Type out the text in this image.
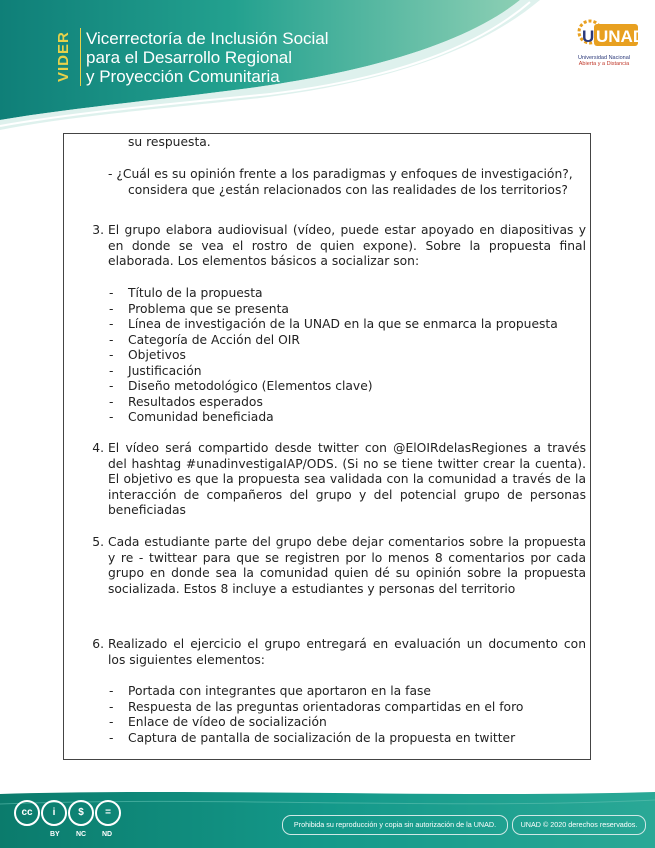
VIDER Vicerrectoría de Inclusión Social
para el Desarrollo Regional
y Proyección Comunitaria
U UNAD
Universidad Nacional
Abierta y a Distancia
su respuesta.
- ¿Cuál es su opinión frente a los paradigmas y enfoques de investigación?,
considera que ¿están relacionados con las realidades de los territorios?
3. El grupo elabora audiovisual (vídeo, puede estar apoyado en diapositivas y en donde se vea el rostro de quien expone). Sobre la propuesta final elaborada. Los elementos básicos a socializar son:
-	Título de la propuesta
-	Problema que se presenta
-	Línea de investigación de la UNAD en la que se enmarca la propuesta
-	Categoría de Acción del OIR
-	Objetivos
-	Justificación
-	Diseño metodológico (Elementos clave)
-	Resultados esperados
-	Comunidad beneficiada
4. El vídeo será compartido desde twitter con @ElOIRdelasRegiones a través del hashtag #unadinvestigaIAP/ODS. (Si no se tiene twitter crear la cuenta). El objetivo es que la propuesta sea validada con la comunidad a través de la interacción de compañeros del grupo y del potencial grupo de personas beneficiadas
5. Cada estudiante parte del grupo debe dejar comentarios sobre la propuesta y re - twittear para que se registren por lo menos 8 comentarios por cada grupo en donde sea la comunidad quien dé su opinión sobre la propuesta socializada. Estos 8 incluye a estudiantes y personas del territorio
6. Realizado el ejercicio el grupo entregará en evaluación un documento con los siguientes elementos:
-	Portada con integrantes que aportaron en la fase
-	Respuesta de las preguntas orientadoras compartidas en el foro
-	Enlace de vídeo de socialización
-	Captura de pantalla de socialización de la propuesta en twitter
cc	i	$	=
BY NC ND
Prohibida su reproducción y copia sin autorización de la UNAD.	UNAD © 2020 derechos reservados.
